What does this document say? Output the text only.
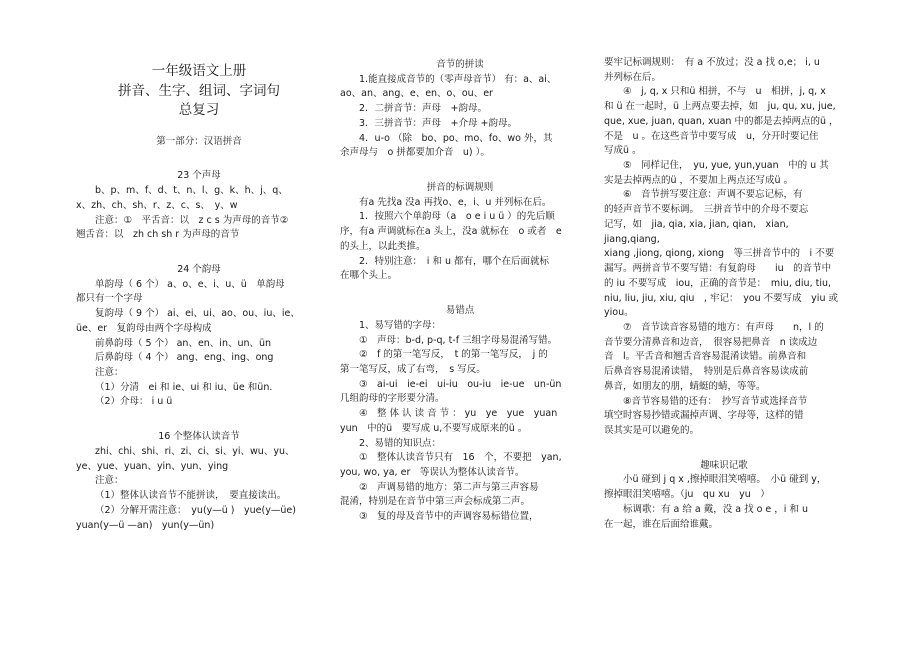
一年级语文上册

拼音、生字、组词、字词句

总复习

第一部分：汉语拼音

23 个声母

b、p、m、f、d、t、n、l、g、k、h、j、q、

x、zh、ch、sh、r、z、c、s、　y、w

注意：①　平舌音：以　z c s 为声母的音节②

翘舌音：以　zh ch sh r 为声母的音节

24 个韵母

单韵母（ 6 个） a、o、e、i、u、ü　单韵母

都只有一个字母

复韵母（ 9 个） ai、ei、ui、ao、ou、iu、ie、

üe、er　复韵母由两个字母构成

前鼻韵母（ 5 个） an、en、in、un、ün

后鼻韵母（ 4 个） ang、eng、ing、ong

注意：

（1）分清　ei 和 ie、ui 和 iu、üe 和ün.

（2）介母： i u ü

16 个整体认读音节

zhi、chi、shi、ri、zi、ci、si、yi、wu、yu、

ye、yue、yuan、yin、yun、ying

注意：

（1）整体认读音节不能拼读，　要直接读出。

（2）分解开需注意：　yu(y—ü )　yue(y—üe)

yuan(y—ü —an)　yun(y—ün)

音节的拼读

1.能直接成音节的（零声母音节） 有：a、ai、

ao、an、ang、e、en、o、ou、er

2．二拼音节：声母　+韵母。

3．三拼音节：声母　+介母 +韵母。

4．u-o （除　bo、po、mo、fo、wo 外，其

余声母与　o 拼都要加介音　u) ）。

拼音的标调规则

有a 先找a 没a 再找o、e，i、u 并列标在后。

1．按照六个单韵母（a　o e i u ü ）的先后顺

序，有a 声调就标在a 头上，没a 就标在　o 或者　e

的头上，以此类推。

2．特别注意：　i 和 u 都有，哪个在后面就标

在哪个头上。

易错点

1、易写错的字母：

①　声母：b-d, p-q, t-f 三组字母易混淆写错。

②　f 的第一笔写反，　t 的第一笔写反，　j 的

第一笔写反，成了右弯，　s 写反。

③　ai-ui　ie-ei　ui-iu　ou-iu　ie-ue　un-ün

几组韵母的字形要分清。

④　整 体 认 读 音 节 ： yu　ye　yue　yuan

yun　中的ü　要写成 u,不要写成原来的ü 。

2、易错的知识点：

①　整体认读音节只有　16　个，不要把　yan,

you, wo, ya, er　等误认为整体认读音节。

②　声调易错的地方：第二声与第三声容易

混淆，特别是在音节中第三声会标成第二声。

③　复的母及音节中的声调容易标错位置，

要牢记标调规则：　有 a 不放过；没 a 找 o,e； i, u

并列标在后。

④　j, q, x 只和ü 相拼，不与　u　相拼，j, q, x

和 ü 在一起时，ü 上两点要去掉，如　ju, qu, xu, jue,

que, xue, juan, quan, xuan 中的都是去掉两点的ü ，

不是　u 。在这些音节中要写成　u，分开时要记住

写成ü 。

⑤　同样记住，　yu, yue, yun,yuan　中的 u 其

实是去掉两点的ü ，不要加上两点还写成ü 。

⑥　音节拼写要注意：声调不要忘记标，有

的轻声音节不要标调。　三拼音节中的介母不要忘

记写，如　jia, qia, xia, jian, qian,　xian, jiang,qiang,

xiang ,jiong, qiong, xiong　等三拼音节中的　i 不要

漏写。两拼音节不要写错：有复韵母　　iu　的音节中

的 iu 不要写成　iou，正确的音节是：　miu, diu, tiu,

niu, liu, jiu, xiu, qiu　, 牢记：　you 不要写成　yiu 或

yiou。

⑦　音节读音容易错的地方：有声母　　n，l 的

音节要分清鼻音和边音，　很容易把鼻音　n 读成边

音　l。平舌音和翘舌音容易混淆读错。前鼻音和

后鼻音容易混淆读错，　特别是后鼻音容易读成前

鼻音，如朋友的朋，蜻蜓的蜻，等等。

⑧音节容易错的还有：　抄写音节或选择音节

填空时容易抄错或漏掉声调、字母等，这样的错

误其实是可以避免的。

趣味识记歌

小ü 碰到 j q x ,擦掉眼泪笑嘻嘻。　小ü 碰到 y，

擦掉眼泪笑嘻嘻。（ju　qu xu　yu　）

标调歌：有 a 给 a 戴，没 a 找 o e ，i 和 u

在一起，谁在后面给谁戴。
